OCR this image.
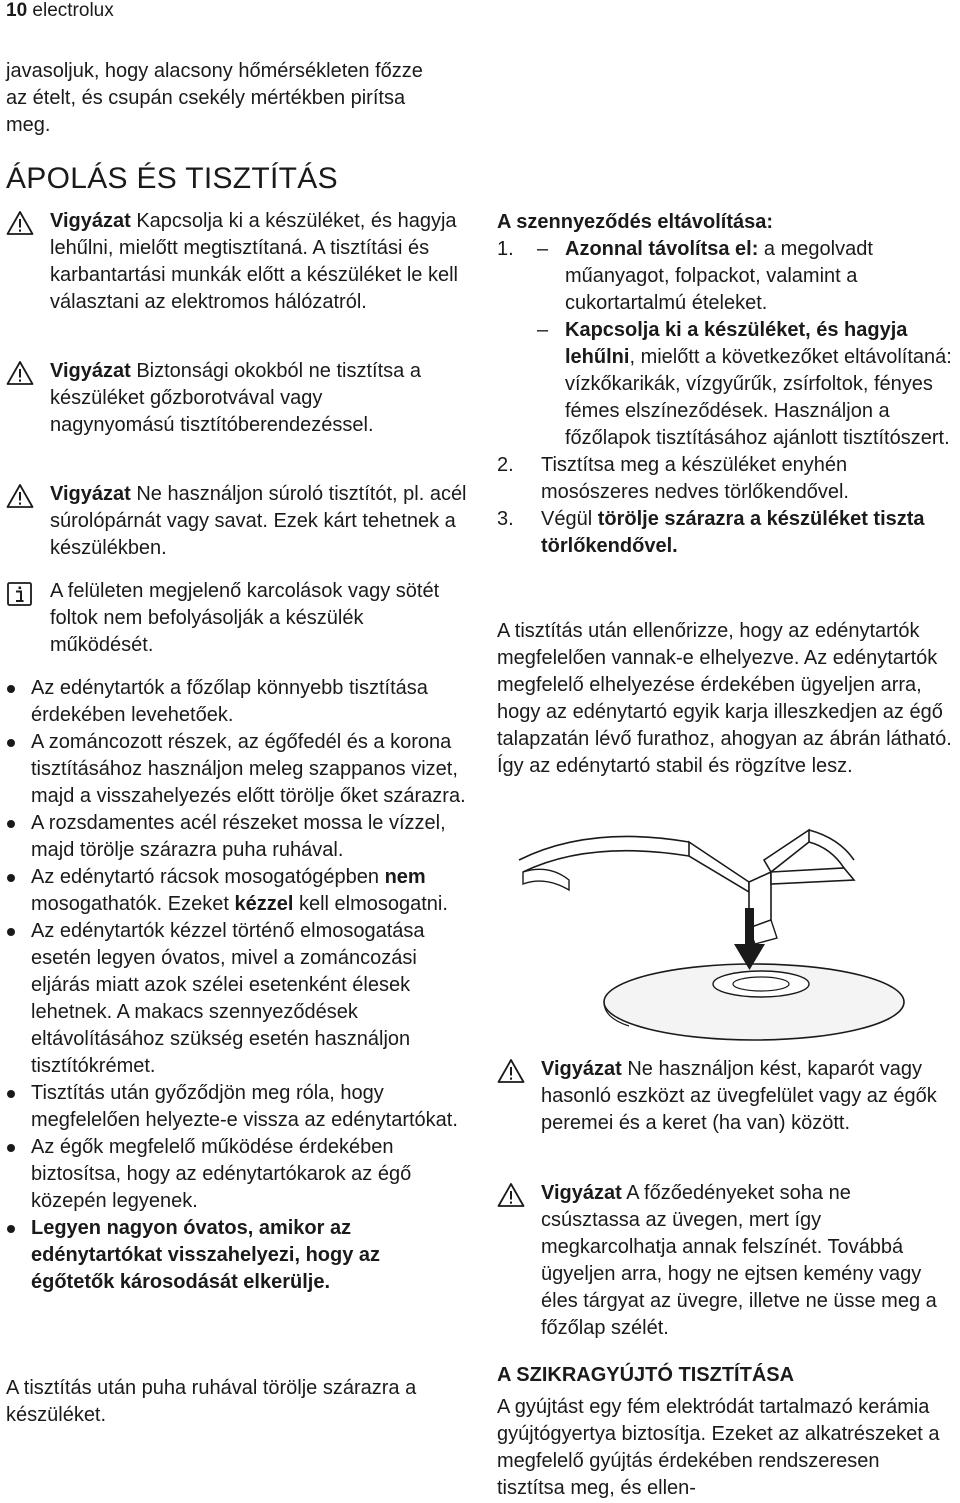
10 electrolux

javasoljuk, hogy alacsony hőmérsékleten főzze az ételt, és csupán csekély mértékben pirítsa meg.

ÁPOLÁS ÉS TISZTÍTÁS
Vigyázat Kapcsolja ki a készüléket, és hagyja lehűlni, mielőtt megtisztítaná. A tisztítási és karbantartási munkák előtt a készüléket le kell választani az elektromos hálózatról.
Vigyázat Biztonsági okokból ne tisztítsa a készüléket gőzborotvával vagy nagynyomású tisztítóberendezéssel.
Vigyázat Ne használjon súroló tisztítót, pl. acél súrolópárnát vagy savat. Ezek kárt tehetnek a készülékben.
A felületen megjelenő karcolások vagy sötét foltok nem befolyásolják a készülék működését.
Az edénytartók a főzőlap könnyebb tisztítása érdekében levehetőek.
A zománcozott részek, az égőfedél és a korona tisztításához használjon meleg szappanos vizet, majd a visszahelyezés előtt törölje őket szárazra.
A rozsdamentes acél részeket mossa le vízzel, majd törölje szárazra puha ruhával.
Az edénytartó rácsok mosogatógépben nem mosogathatók. Ezeket kézzel kell elmosogatni.
Az edénytartók kézzel történő elmosogatása esetén legyen óvatos, mivel a zománcozási eljárás miatt azok szélei esetenként élesek lehetnek. A makacs szennyeződések eltávolításához szükség esetén használjon tisztítókrémet.
Tisztítás után győződjön meg róla, hogy megfelelően helyezte-e vissza az edénytartókat.
Az égők megfelelő működése érdekében biztosítsa, hogy az edénytartókarok az égő közepén legyenek.
Legyen nagyon óvatos, amikor az edénytartókat visszahelyezi, hogy az égőtetők károsodását elkerülje.

A tisztítás után puha ruhával törölje szárazra a készüléket.

A szennyeződés eltávolítása:
1. – Azonnal távolítsa el: a megolvadt műanyagot, folpackot, valamint a cukortartalmú ételeket.
– Kapcsolja ki a készüléket, és hagyja lehűlni, mielőtt a következőket eltávolítaná: vízkőkarikák, vízgyűrűk, zsírfoltok, fényes fémes elszíneződések. Használjon a főzőlapok tisztításához ajánlott tisztítószert.
2. Tisztítsa meg a készüléket enyhén mosószeres nedves törlőkendővel.
3. Végül törölje szárazra a készüléket tiszta törlőkendővel.

A tisztítás után ellenőrizze, hogy az edénytartók megfelelően vannak-e elhelyezve. Az edénytartók megfelelő elhelyezése érdekében ügyeljen arra, hogy az edénytartó egyik karja illeszkedjen az égő talapzatán lévő furathoz, ahogyan az ábrán látható. Így az edénytartó stabil és rögzítve lesz.

Vigyázat Ne használjon kést, kaparót vagy hasonló eszközt az üvegfelület vagy az égők peremei és a keret (ha van) között.
Vigyázat A főzőedényeket soha ne csúsztassa az üvegen, mert így megkarcolhatja annak felszínét. Továbbá ügyeljen arra, hogy ne ejtsen kemény vagy éles tárgyat az üvegre, illetve ne üsse meg a főzőlap szélét.
A SZIKRAGYÚJTÓ TISZTÍTÁSA

A gyújtást egy fém elektródát tartalmazó kerámia gyújtógyertya biztosítja. Ezeket az alkatrészeket a megfelelő gyújtás érdekében rendszeresen tisztítsa meg, és ellen-
